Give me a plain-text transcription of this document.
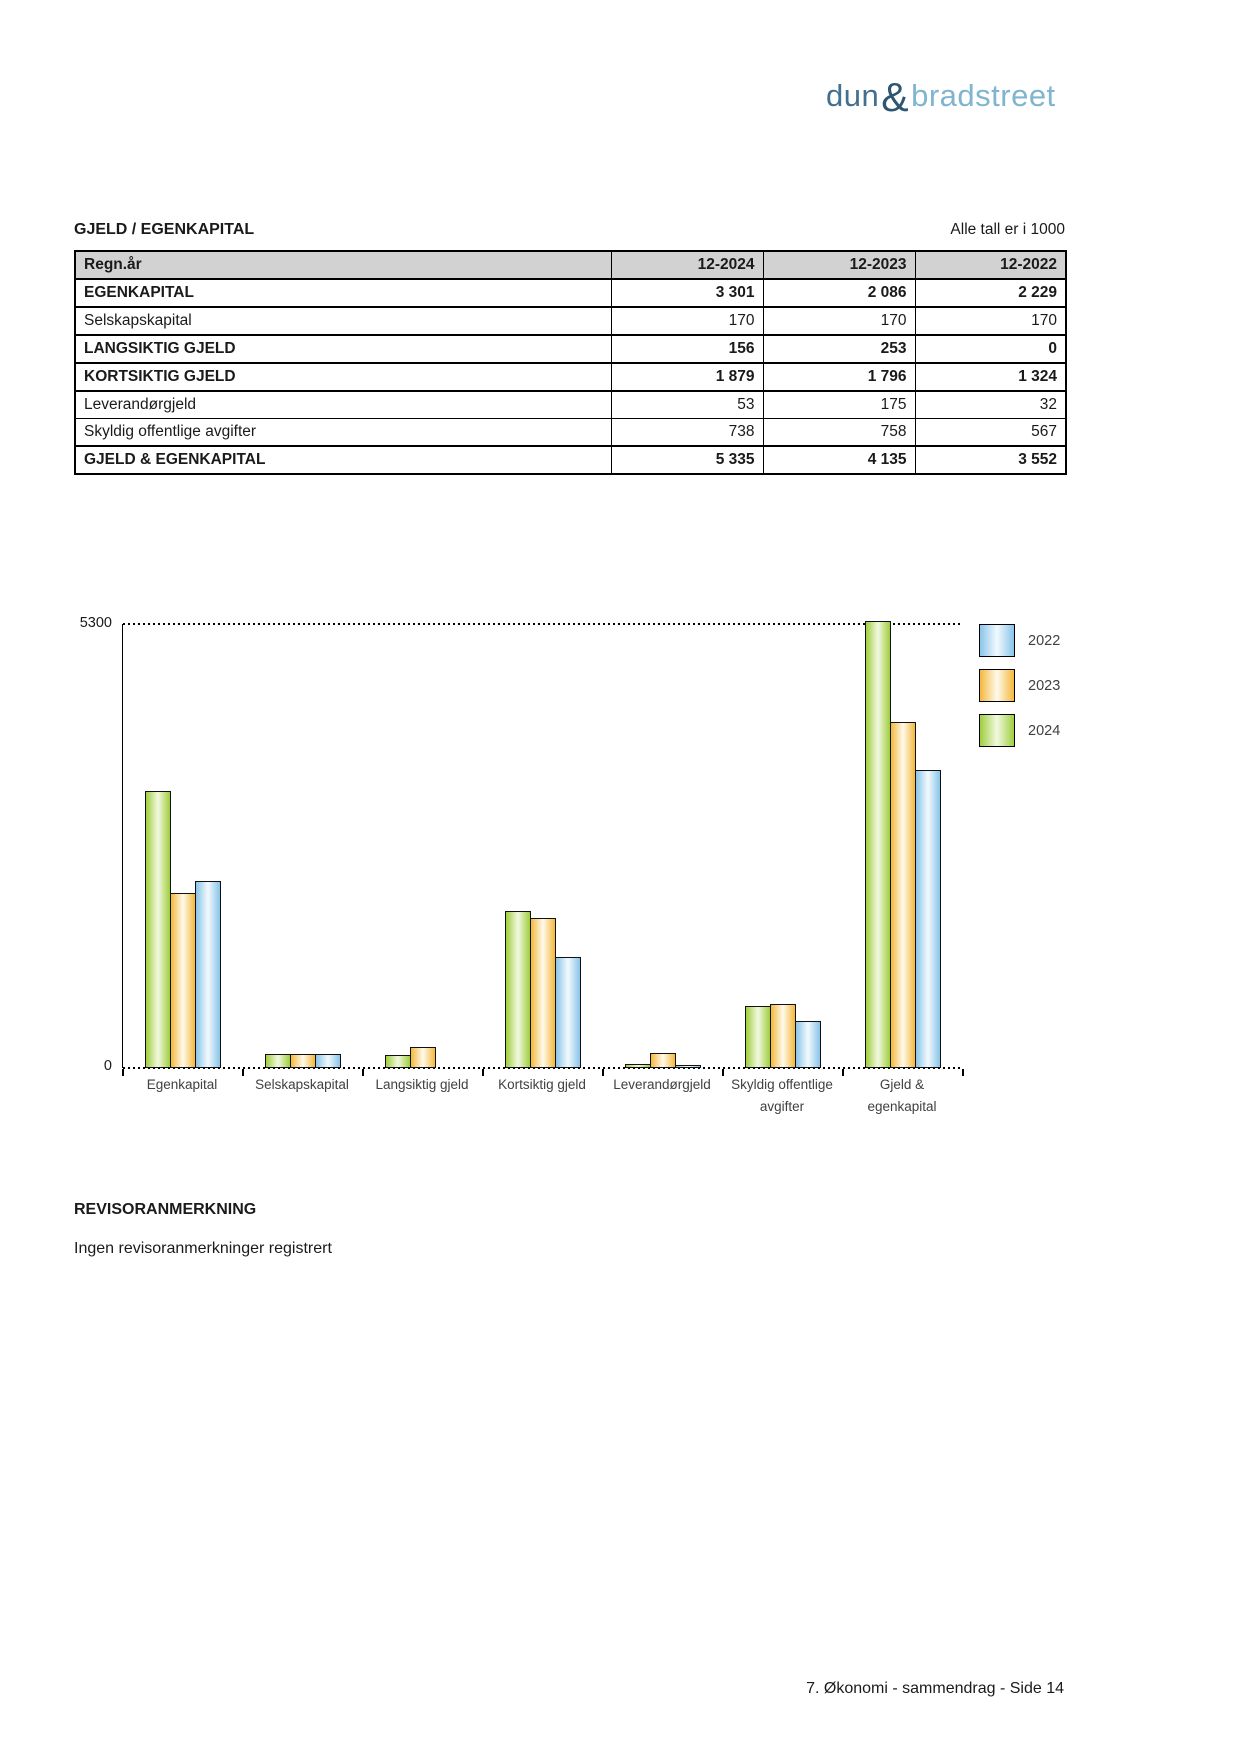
dun&bradstreet
GJELD / EGENKAPITAL	Alle tall er i 1000
Regn.år	12-2024	12-2023	12-2022
EGENKAPITAL	3 301	2 086	2 229
Selskapskapital	170	170	170
LANGSIKTIG GJELD	156	253	0
KORTSIKTIG GJELD	1 879	1 796	1 324
Leverandørgjeld	53	175	32
Skyldig offentlige avgifter	738	758	567
GJELD & EGENKAPITAL	5 335	4 135	3 552
5300
0
Egenkapital	Selskapskapital	Langsiktig gjeld	Kortsiktig gjeld	Leverandørgjeld	Skyldig offentlige avgifter
Gjeld & egenkapital
2022
2023
2024
REVISORANMERKNING
Ingen revisoranmerkninger registrert
7. Økonomi - sammendrag - Side 14
